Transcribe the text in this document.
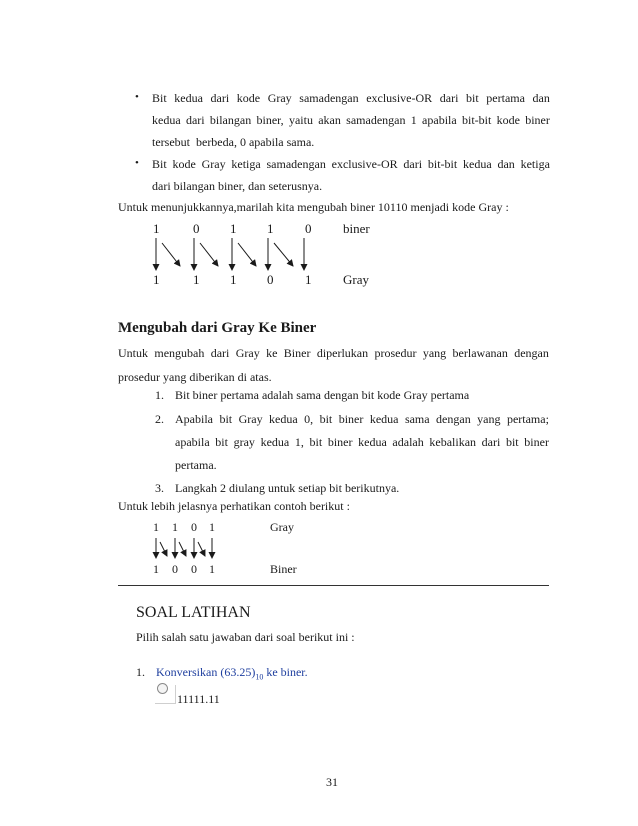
• Bit kedua dari kode Gray samadengan exclusive-OR dari bit pertama dan
kedua dari bilangan biner, yaitu akan samadengan 1 apabila bit-bit kode biner
tersebut  berbeda, 0 apabila sama.
• Bit kode Gray ketiga samadengan exclusive-OR dari bit-bit kedua dan ketiga
dari bilangan biner, dan seterusnya.
Untuk menunjukkannya,marilah kita mengubah biner 10110 menjadi kode Gray :
1	0 1 1 0 biner
1	1 1 0 1 Gray
Mengubah dari Gray Ke Biner
Untuk mengubah dari Gray ke Biner diperlukan prosedur yang berlawanan dengan
prosedur yang diberikan di atas.
1. Bit biner pertama adalah sama dengan bit kode Gray pertama
2. Apabila bit Gray kedua 0, bit biner kedua sama dengan yang pertama;
apabila bit gray kedua 1, bit biner kedua adalah kebalikan dari bit biner
pertama.
3. Langkah 2 diulang untuk setiap bit berikutnya.
Untuk lebih jelasnya perhatikan contoh berikut :
1 1 0 1	Gray
1 0 0 1	Biner
SOAL LATIHAN
Pilih salah satu jawaban dari soal berikut ini :
1. Konversikan $(63.25)_{10}$ ke biner.
11111.11
31
